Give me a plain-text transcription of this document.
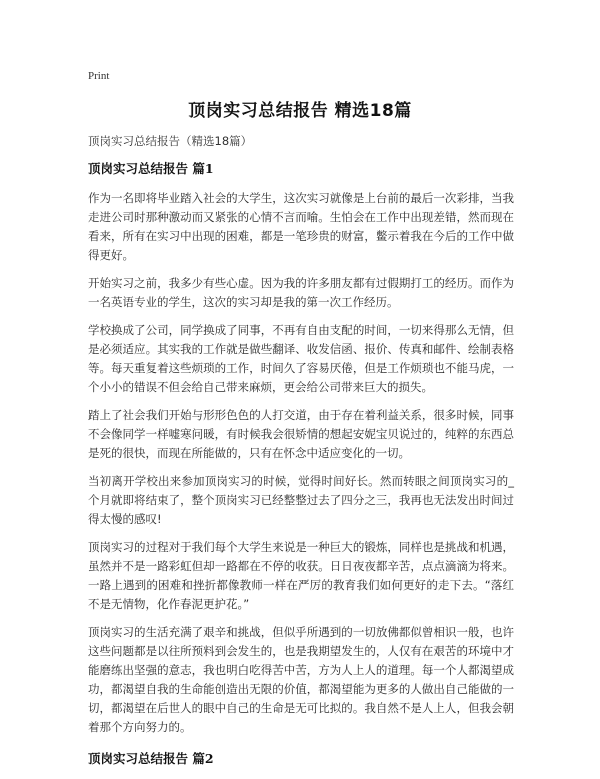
Print
顶岗实习总结报告 精选18篇
顶岗实习总结报告（精选18篇）
顶岗实习总结报告 篇1

作为一名即将毕业踏入社会的大学生，这次实习就像是上台前的最后一次彩排，当我走进公司时那种激动而又紧张的心情不言而喻。生怕会在工作中出现差错，然而现在看来，所有在实习中出现的困难，都是一笔珍贵的财富，鳖示着我在今后的工作中做得更好。

开始实习之前，我多少有些心虚。因为我的许多朋友都有过假期打工的经历。而作为一名英语专业的学生，这次的实习却是我的第一次工作经历。

学校换成了公司，同学换成了同事，不再有自由支配的时间，一切来得那么无情，但是必须适应。其实我的工作就是做些翻译、收发信函、报价、传真和邮件、绘制表格等。每天重复着这些烦琐的工作，时间久了容易厌倦，但是工作烦琐也不能马虎，一个小小的错误不但会给自己带来麻烦，更会给公司带来巨大的损失。

踏上了社会我们开始与形形色色的人打交道，由于存在着利益关系，很多时候，同事不会像同学一样嘘寒问暖，有时候我会很矫情的想起安妮宝贝说过的，纯粹的东西总是死的很快，而现在所能做的，只有在怀念中适应变化的一切。

当初离开学校出来参加顶岗实习的时候，觉得时间好长。然而转眼之间顶岗实习的_个月就即将结束了，整个顶岗实习已经整整过去了四分之三，我再也无法发出时间过得太慢的感叹!

顶岗实习的过程对于我们每个大学生来说是一种巨大的锻炼，同样也是挑战和机遇，虽然并不是一路彩虹但却一路都在不停的收获。日日夜夜都辛苦，点点滴滴为将来。一路上遇到的困难和挫折都像教师一样在严厉的教育我们如何更好的走下去。“落红不是无情物，化作春泥更护花。”

顶岗实习的生活充满了艰辛和挑战，但似乎所遇到的一切放佛都似曾相识一般，也许这些问题都是以往所预料到会发生的，也是我期望发生的，人仅有在艰苦的环境中才能磨练出坚强的意志，我也明白吃得苦中苦，方为人上人的道理。每一个人都渴望成功，都渴望自我的生命能创造出无限的价值，都渴望能为更多的人做出自己能做的一切，都渴望在后世人的眼中自己的生命是无可比拟的。我自然不是人上人，但我会朝着那个方向努力的。

顶岗实习总结报告 篇2
